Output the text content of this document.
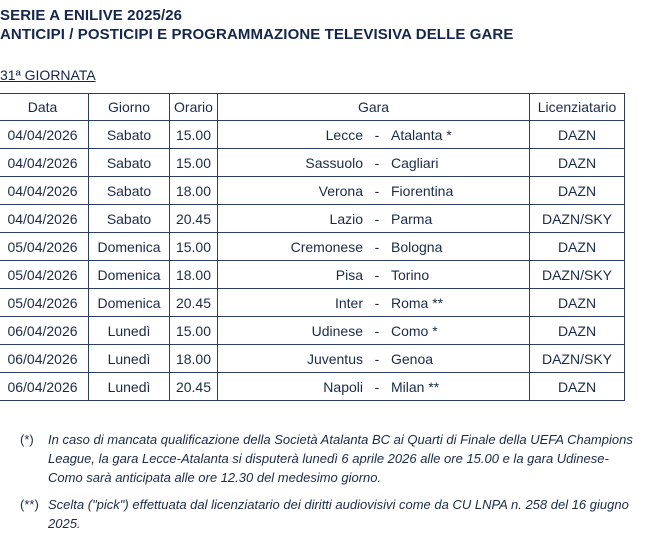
SERIE A ENILIVE 2025/26
ANTICIPI / POSTICIPI E PROGRAMMAZIONE TELEVISIVA DELLE GARE
31ª GIORNATA
Data	Giorno	Orario	Gara	Licenziatario
04/04/2026	Sabato	15.00	Lecce - Atalanta *	DAZN
04/04/2026	Sabato	15.00	Sassuolo - Cagliari	DAZN
04/04/2026	Sabato	18.00	Verona - Fiorentina	DAZN
04/04/2026	Sabato	20.45	Lazio - Parma	DAZN/SKY
05/04/2026	Domenica	15.00	Cremonese - Bologna	DAZN
05/04/2026	Domenica	18.00	Pisa - Torino	DAZN/SKY
05/04/2026	Domenica	20.45	Inter - Roma **	DAZN
06/04/2026	Lunedì	15.00	Udinese - Como *	DAZN
06/04/2026	Lunedì	18.00	Juventus - Genoa	DAZN/SKY
06/04/2026	Lunedì	20.45	Napoli - Milan **	DAZN
(*)	In caso di mancata qualificazione della Società Atalanta BC ai Quarti di Finale della UEFA Champions League, la gara Lecce-Atalanta si disputerà lunedì 6 aprile 2026 alle ore 15.00 e la gara Udinese-Como sarà anticipata alle ore 12.30 del medesimo giorno.
(**) Scelta ("pick") effettuata dal licenziatario dei diritti audiovisivi come da CU LNPA n. 258 del 16 giugno 2025.
